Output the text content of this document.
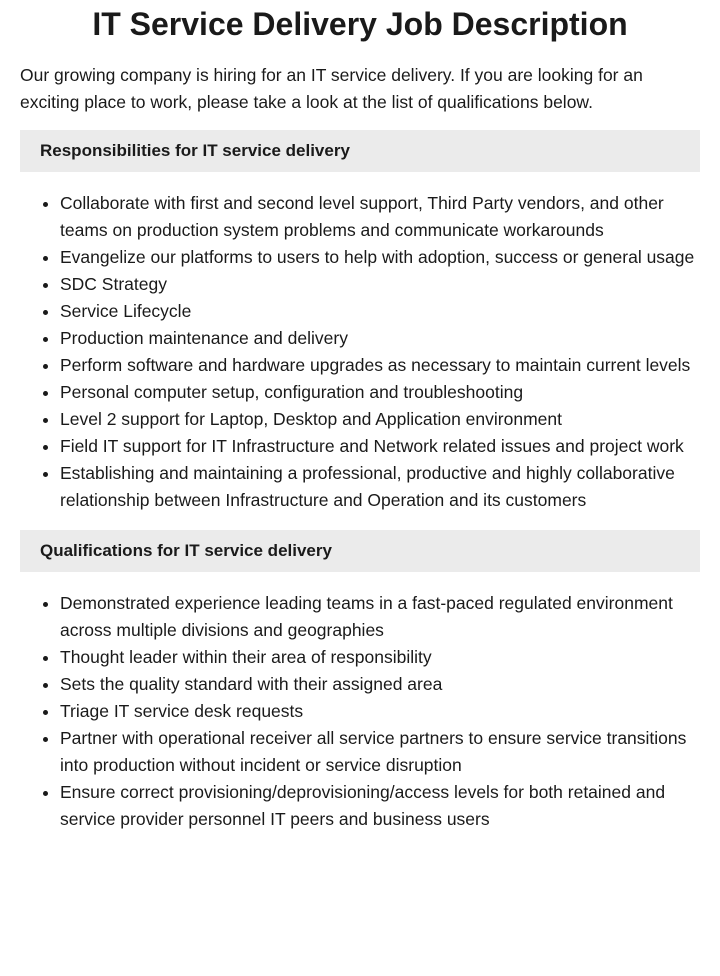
IT Service Delivery Job Description

Our growing company is hiring for an IT service delivery. If you are looking for an exciting place to work, please take a look at the list of qualifications below.

Responsibilities for IT service delivery
• Collaborate with first and second level support, Third Party vendors, and other teams on production system problems and communicate workarounds
• Evangelize our platforms to users to help with adoption, success or general usage
• SDC Strategy
• Service Lifecycle
• Production maintenance and delivery
• Perform software and hardware upgrades as necessary to maintain current levels
• Personal computer setup, configuration and troubleshooting
• Level 2 support for Laptop, Desktop and Application environment
• Field IT support for IT Infrastructure and Network related issues and project work
• Establishing and maintaining a professional, productive and highly collaborative relationship between Infrastructure and Operation and its customers
Qualifications for IT service delivery
• Demonstrated experience leading teams in a fast-paced regulated environment across multiple divisions and geographies
• Thought leader within their area of responsibility
• Sets the quality standard with their assigned area
• Triage IT service desk requests
• Partner with operational receiver all service partners to ensure service transitions into production without incident or service disruption
• Ensure correct provisioning/deprovisioning/access levels for both retained and service provider personnel IT peers and business users
